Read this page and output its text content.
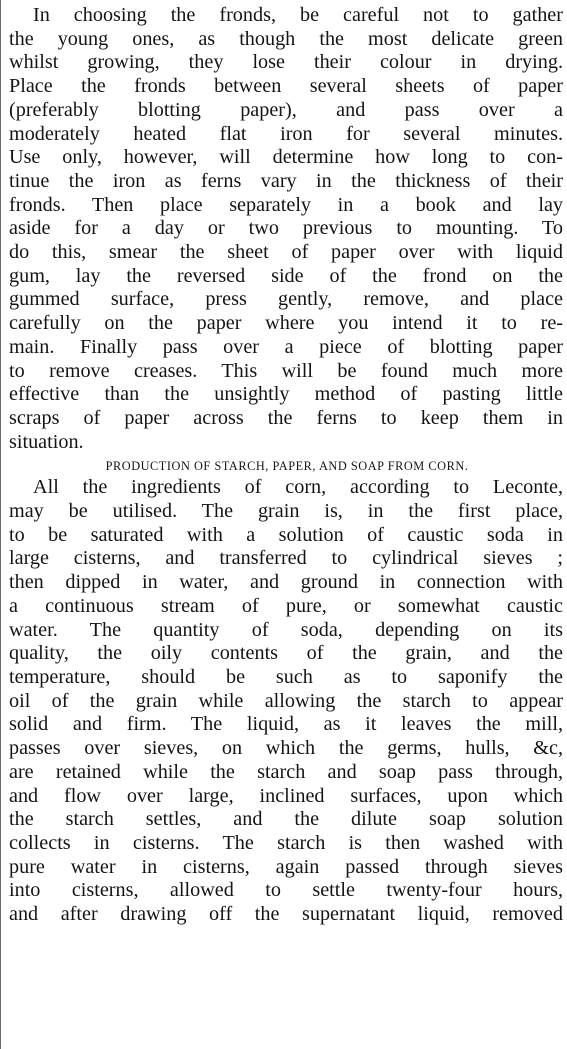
In choosing the fronds, be careful not to gather
the young ones, as though the most delicate green
whilst growing, they lose their colour in drying.
Place the fronds between several sheets of paper
(preferably blotting paper), and pass over a
moderately heated flat iron for several minutes.
Use only, however, will determine how long to con-
tinue the iron as ferns vary in the thickness of their
fronds. Then place separately in a book and lay
aside for a day or two previous to mounting. To
do this, smear the sheet of paper over with liquid
gum, lay the reversed side of the frond on the
gummed surface, press gently, remove, and place
carefully on the paper where you intend it to re-
main. Finally pass over a piece of blotting paper
to remove creases. This will be found much more
effective than the unsightly method of pasting little
scraps of paper across the ferns to keep them in
situation.
PRODUCTION OF STARCH, PAPER, AND SOAP FROM CORN.
All the ingredients of corn, according to Leconte,
may be utilised. The grain is, in the first place,
to be saturated with a solution of caustic soda in
large cisterns, and transferred to cylindrical sieves ;
then dipped in water, and ground in connection with
a continuous stream of pure, or somewhat caustic
water. The quantity of soda, depending on its
quality, the oily contents of the grain, and the
temperature, should be such as to saponify the
oil of the grain while allowing the starch to appear
solid and firm. The liquid, as it leaves the mill,
passes over sieves, on which the germs, hulls, &c,
are retained while the starch and soap pass through,
and flow over large, inclined surfaces, upon which
the starch settles, and the dilute soap solution
collects in cisterns. The starch is then washed with
pure water in cisterns, again passed through sieves
into cisterns, allowed to settle twenty-four hours,
and after drawing off the supernatant liquid, removed
